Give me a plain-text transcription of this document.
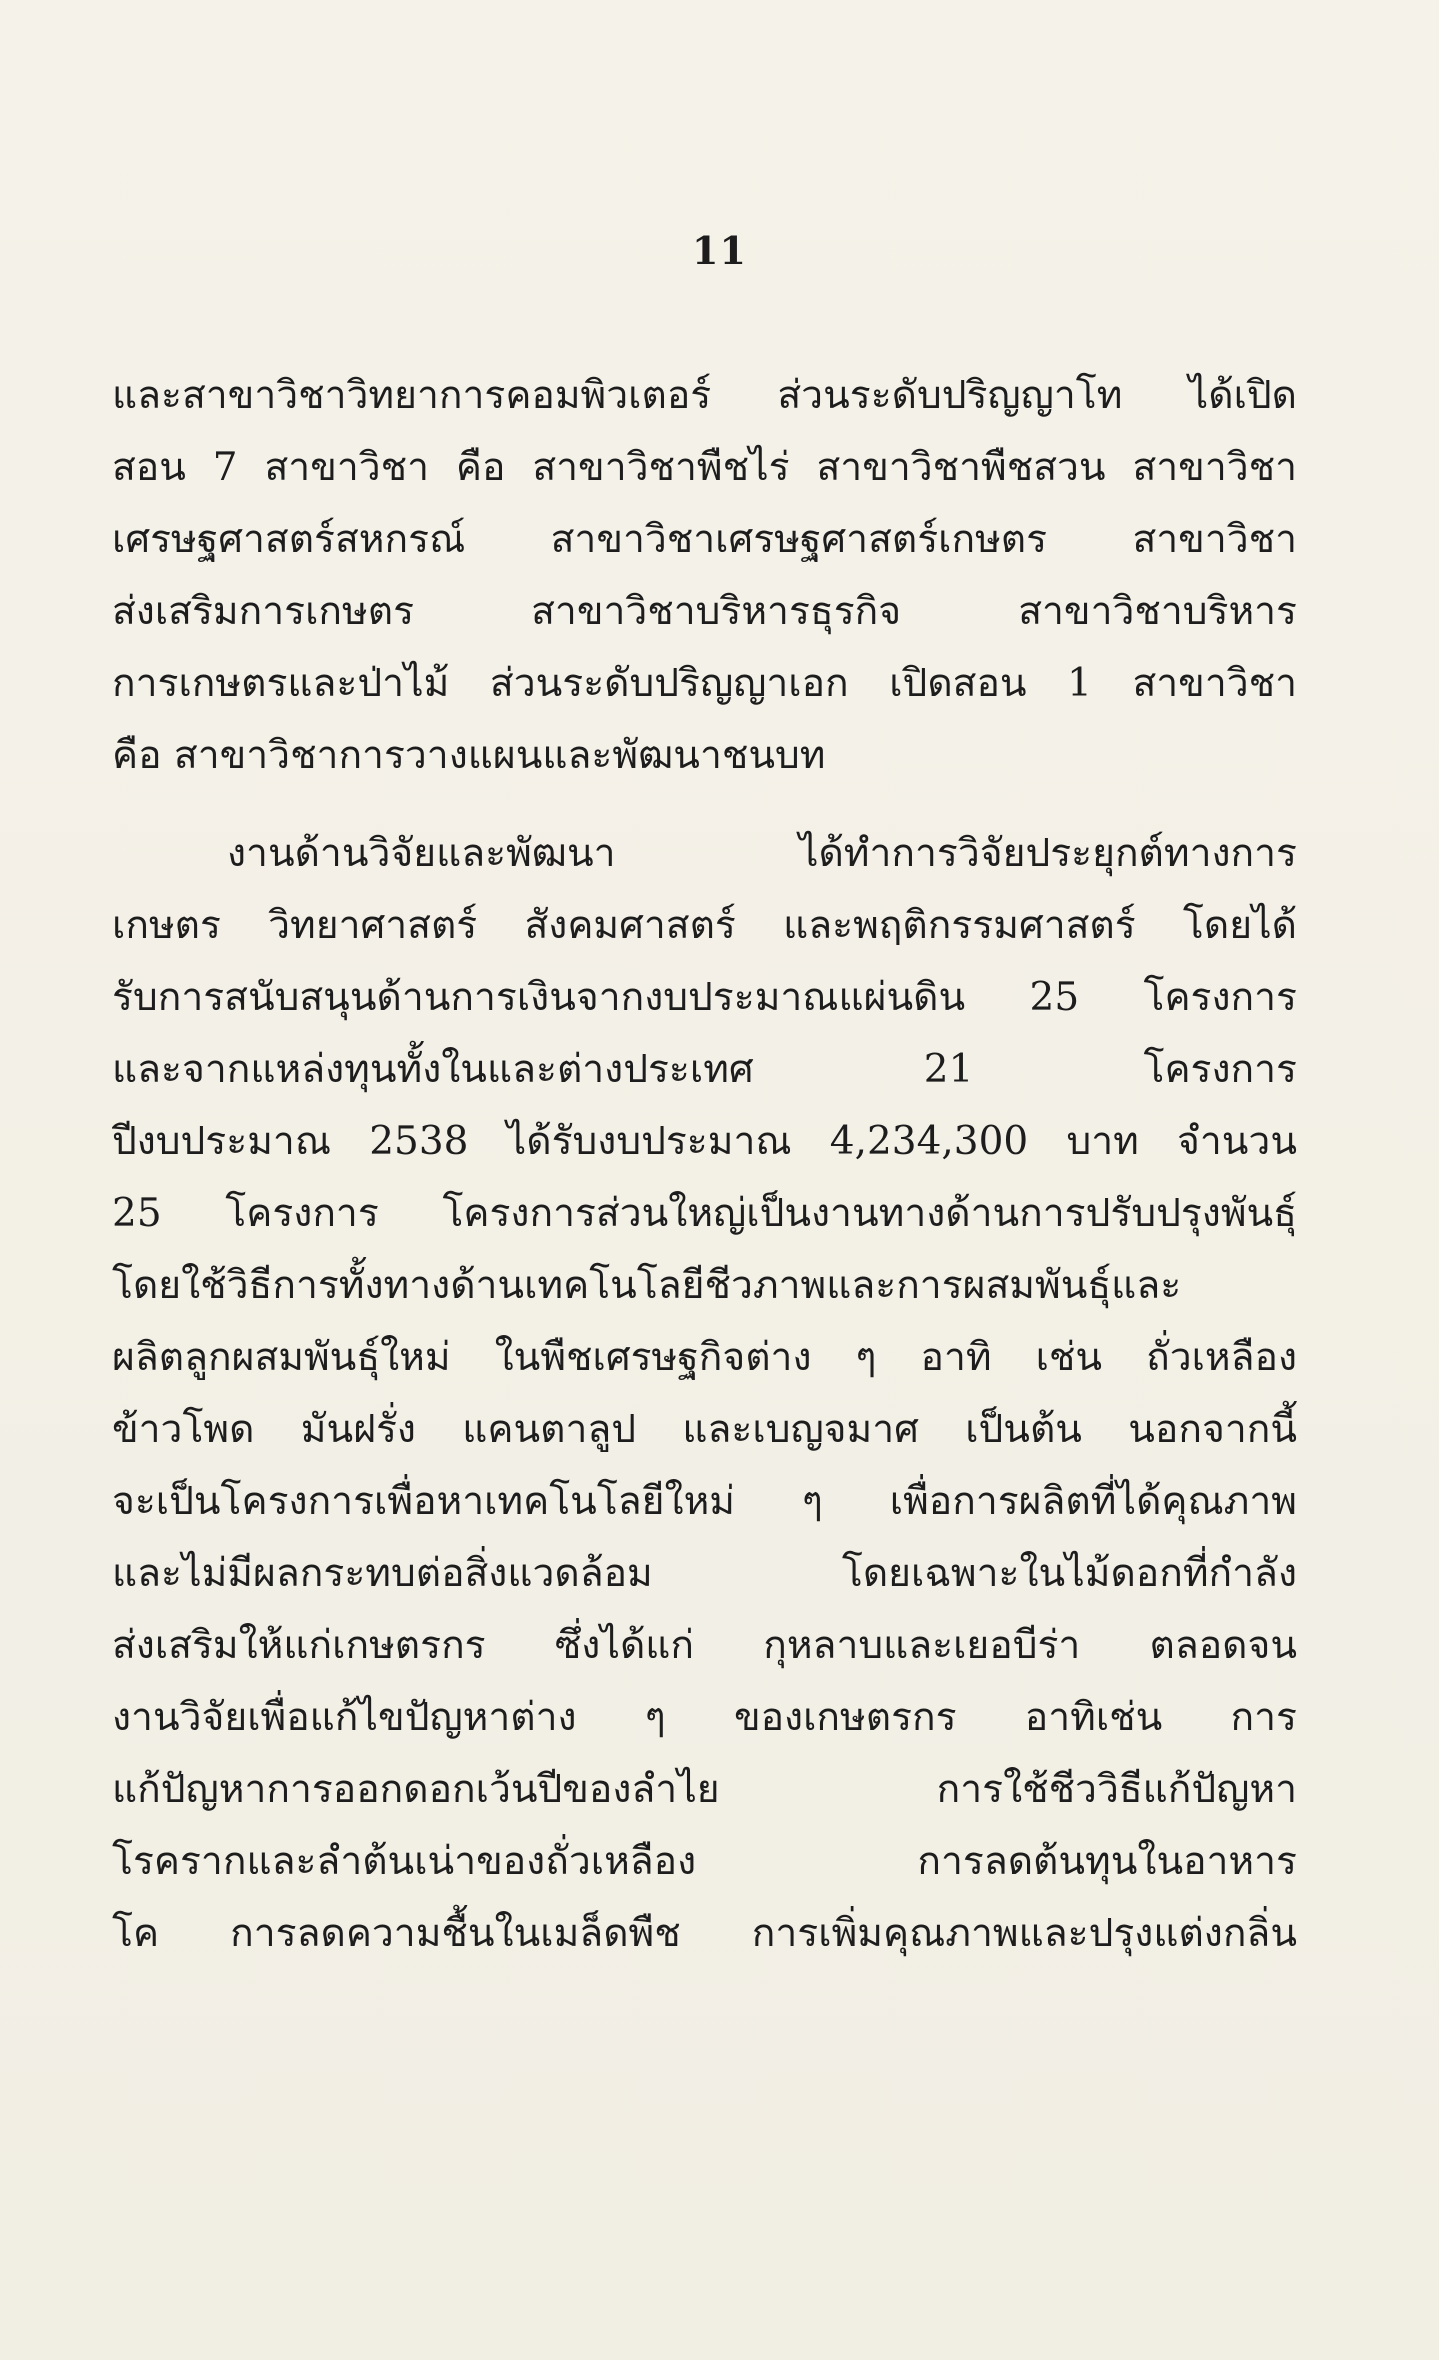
11
และสาขาวิชาวิทยาการคอมพิวเตอร์ ส่วนระดับปริญญาโท ได้เปิด
สอน 7 สาขาวิชา คือ สาขาวิชาพืชไร่ สาขาวิชาพืชสวน สาขาวิชา
เศรษฐศาสตร์สหกรณ์ สาขาวิชาเศรษฐศาสตร์เกษตร สาขาวิชา
ส่งเสริมการเกษตร สาขาวิชาบริหารธุรกิจ สาขาวิชาบริหาร
การเกษตรและป่าไม้ ส่วนระดับปริญญาเอก เปิดสอน 1 สาขาวิชา
คือ สาขาวิชาการวางแผนและพัฒนาชนบท
งานด้านวิจัยและพัฒนา ได้ทำการวิจัยประยุกต์ทางการ
เกษตร วิทยาศาสตร์ สังคมศาสตร์ และพฤติกรรมศาสตร์ โดยได้
รับการสนับสนุนด้านการเงินจากงบประมาณแผ่นดิน 25 โครงการ
และจากแหล่งทุนทั้งในและต่างประเทศ 21 โครงการ
ปีงบประมาณ 2538 ได้รับงบประมาณ 4,234,300 บาท จำนวน
25 โครงการ โครงการส่วนใหญ่เป็นงานทางด้านการปรับปรุงพันธุ์
โดยใช้วิธีการทั้งทางด้านเทคโนโลยีชีวภาพและการผสมพันธุ์และ
ผลิตลูกผสมพันธุ์ใหม่ ในพืชเศรษฐกิจต่าง ๆ อาทิ เช่น ถั่วเหลือง
ข้าวโพด มันฝรั่ง แคนตาลูป และเบญจมาศ เป็นต้น นอกจากนี้
จะเป็นโครงการเพื่อหาเทคโนโลยีใหม่ ๆ เพื่อการผลิตที่ได้คุณภาพ
และไม่มีผลกระทบต่อสิ่งแวดล้อม โดยเฉพาะในไม้ดอกที่กำลัง
ส่งเสริมให้แก่เกษตรกร ซึ่งได้แก่ กุหลาบและเยอบีร่า ตลอดจน
งานวิจัยเพื่อแก้ไขปัญหาต่าง ๆ ของเกษตรกร อาทิเช่น การ
แก้ปัญหาการออกดอกเว้นปีของลำไย การใช้ชีววิธีแก้ปัญหา
โรครากและลำต้นเน่าของถั่วเหลือง การลดต้นทุนในอาหาร
โค การลดความชื้นในเมล็ดพืช การเพิ่มคุณภาพและปรุงแต่งกลิ่น
